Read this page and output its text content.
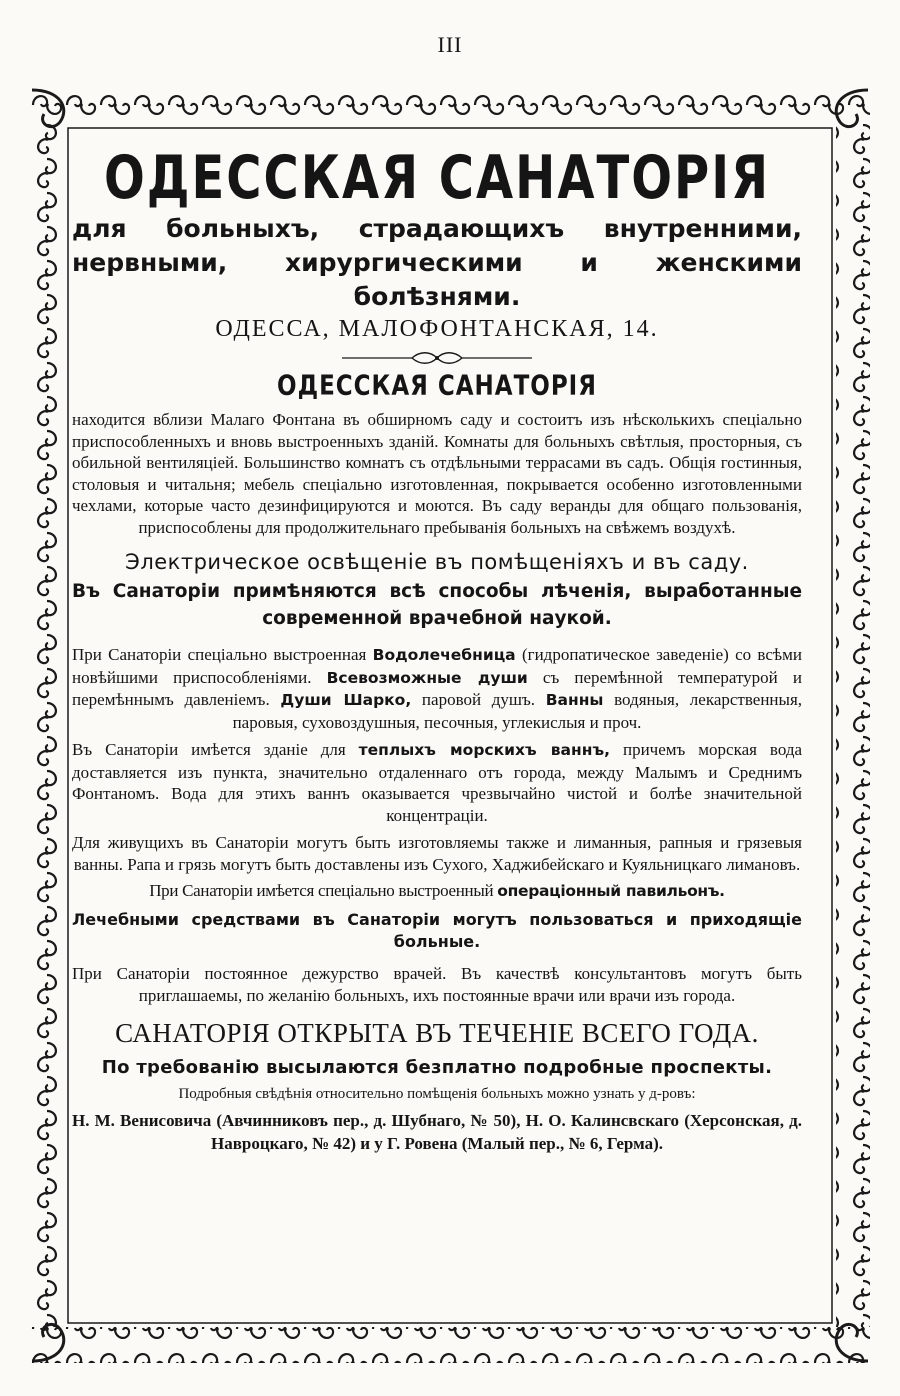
III
ОДЕССКАЯ САНАТОРІЯ

для больныхъ, страдающихъ внутренними, нервными, хирургическими и женскими болѣзнями.

ОДЕССА, МАЛОФОНТАНСКАЯ, 14.
ОДЕССКАЯ САНАТОРІЯ

находится вблизи Малаго Фонтана въ обширномъ саду и состоитъ изъ нѣсколькихъ спеціально приспособленныхъ и вновь выстроенныхъ зданій. Комнаты для больныхъ свѣтлыя, просторныя, съ обильной вентиляціей. Большинство комнатъ съ отдѣльными террасами въ садъ. Общія гостинныя, столовыя и читальня; мебель спеціально изготовленная, покрывается особенно изготовленными чехлами, которые часто дезинфицируются и моются. Въ саду веранды для общаго пользованія, приспособлены для продолжительнаго пребыванія больныхъ на свѣжемъ воздухѣ.

Электрическое освѣщеніе въ помѣщеніяхъ и въ саду.

Въ Санаторіи примѣняются всѣ способы лѣченія, выработанные современной врачебной наукой.

При Санаторіи спеціально выстроенная Водолечебница (гидропатическое заведеніе) со всѣми новѣйшими приспособленіями. Всевозможные души съ перемѣнной температурой и перемѣннымъ давленіемъ. Души Шарко, паровой душъ. Ванны водяныя, лекарственныя, паровыя, суховоздушныя, песочныя, углекислыя и проч.

Въ Санаторіи имѣется зданіе для теплыхъ морскихъ ваннъ, причемъ морская вода доставляется изъ пункта, значительно отдаленнаго отъ города, между Малымъ и Среднимъ Фонтаномъ. Вода для этихъ ваннъ оказывается чрезвычайно чистой и болѣе значительной концентраціи.

Для живущихъ въ Санаторіи могутъ быть изготовляемы также и лиманныя, рапныя и грязевыя ванны. Рапа и грязь могутъ быть доставлены изъ Сухого, Хаджибейскаго и Куяльницкаго лимановъ.

При Санаторіи имѣется спеціально выстроенный операціонный павильонъ.

Лечебными средствами въ Санаторіи могутъ пользоваться и приходящіе больные.

При Санаторіи постоянное дежурство врачей. Въ качествѣ консультантовъ могутъ быть приглашаемы, по желанію больныхъ, ихъ постоянные врачи или врачи изъ города.

САНАТОРІЯ ОТКРЫТА ВЪ ТЕЧЕНІЕ ВСЕГО ГОДА.
По требованію высылаются безплатно подробные проспекты.
Подробныя свѣдѣнія относительно помѣщенія больныхъ можно узнать у д-ровъ:

Н. М. Венисовича (Авчинниковъ пер., д. Шубнаго, № 50), Н. О. Калинсвскаго (Херсонская, д. Навроцкаго, № 42) и у Г. Ровена (Малый пер., № 6, Герма).
